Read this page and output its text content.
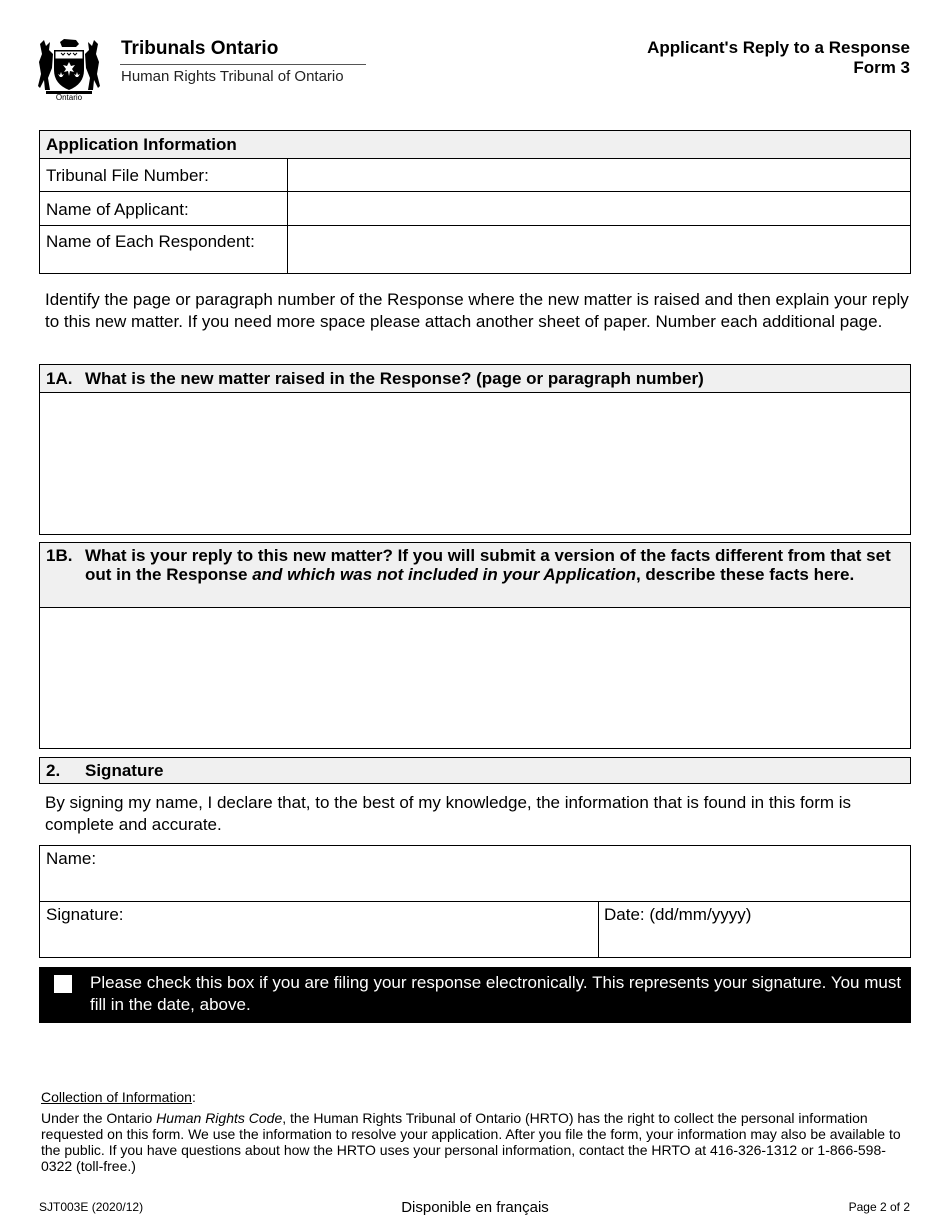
Ontario
Tribunals Ontario
Human Rights Tribunal of Ontario
Applicant's Reply to a Response
Form 3
Application Information
Tribunal File Number:
Name of Applicant:
Name of Each Respondent:
Identify the page or paragraph number of the Response where the new matter is raised and then explain your reply to this new matter. If you need more space please attach another sheet of paper. Number each additional page.
1A. What is the new matter raised in the Response? (page or paragraph number)
1B. What is your reply to this new matter? If you will submit a version of the facts different from that set out in the Response and which was not included in your Application, describe these facts here.
2. Signature
By signing my name, I declare that, to the best of my knowledge, the information that is found in this form is complete and accurate.
Name:
Signature:	Date: (dd/mm/yyyy)
Please check this box if you are filing your response electronically. This represents your signature. You must fill in the date, above.
Collection of Information:
Under the Ontario Human Rights Code, the Human Rights Tribunal of Ontario (HRTO) has the right to collect the personal information requested on this form. We use the information to resolve your application. After you file the form, your information may also be available to the public. If you have questions about how the HRTO uses your personal information, contact the HRTO at 416-326-1312 or 1-866-598-0322 (toll-free.)
SJT003E (2020/12)	Disponible en français	Page 2 of 2
